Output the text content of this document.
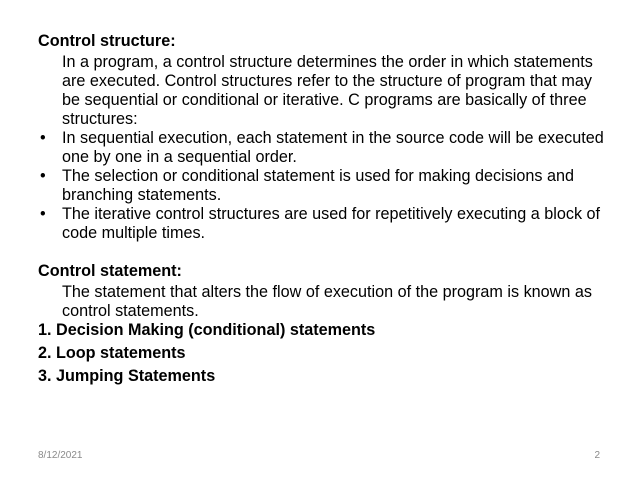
Control structure:

In a program, a control structure determines the order in which statements are executed. Control structures refer to the structure of program that may be sequential or conditional or iterative. C programs are basically of three structures:

• In sequential execution, each statement in the source code will be executed one by one in a sequential order.
• The selection or conditional statement is used for making decisions and branching statements.
• The iterative control structures are used for repetitively executing a block of code multiple times.
Control statement:

The statement that alters the flow of execution of the program is known as control statements.

1. Decision Making (conditional) statements
2. Loop statements
3. Jumping Statements
8/12/2021	2
